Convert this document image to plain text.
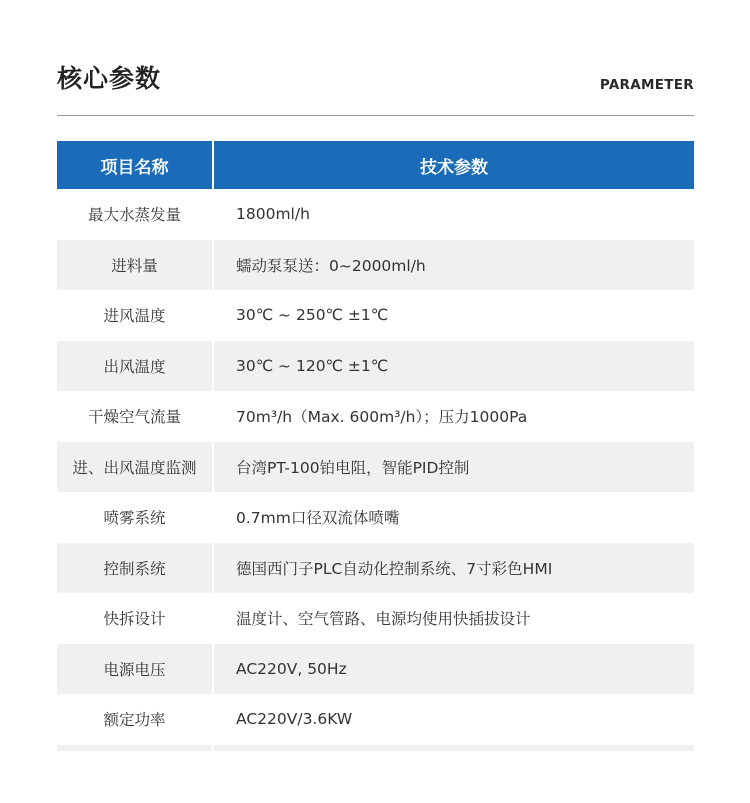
核心参数	PARAMETER
项目名称	技术参数
最大水蒸发量	1800ml/h
进料量	蠕动泵泵送：0~2000ml/h
进风温度	30℃ ~ 250℃ ±1℃
出风温度	30℃ ~ 120℃ ±1℃
干燥空气流量	70m³/h（Max. 600m³/h）；压力1000Pa
进、出风温度监测	台湾PT-100铂电阻，智能PID控制
喷雾系统	0.7mm口径双流体喷嘴
控制系统	德国西门子PLC自动化控制系统、7寸彩色HMI
快拆设计	温度计、空气管路、电源均使用快插拔设计
电源电压	AC220V, 50Hz
额定功率	AC220V/3.6KW
